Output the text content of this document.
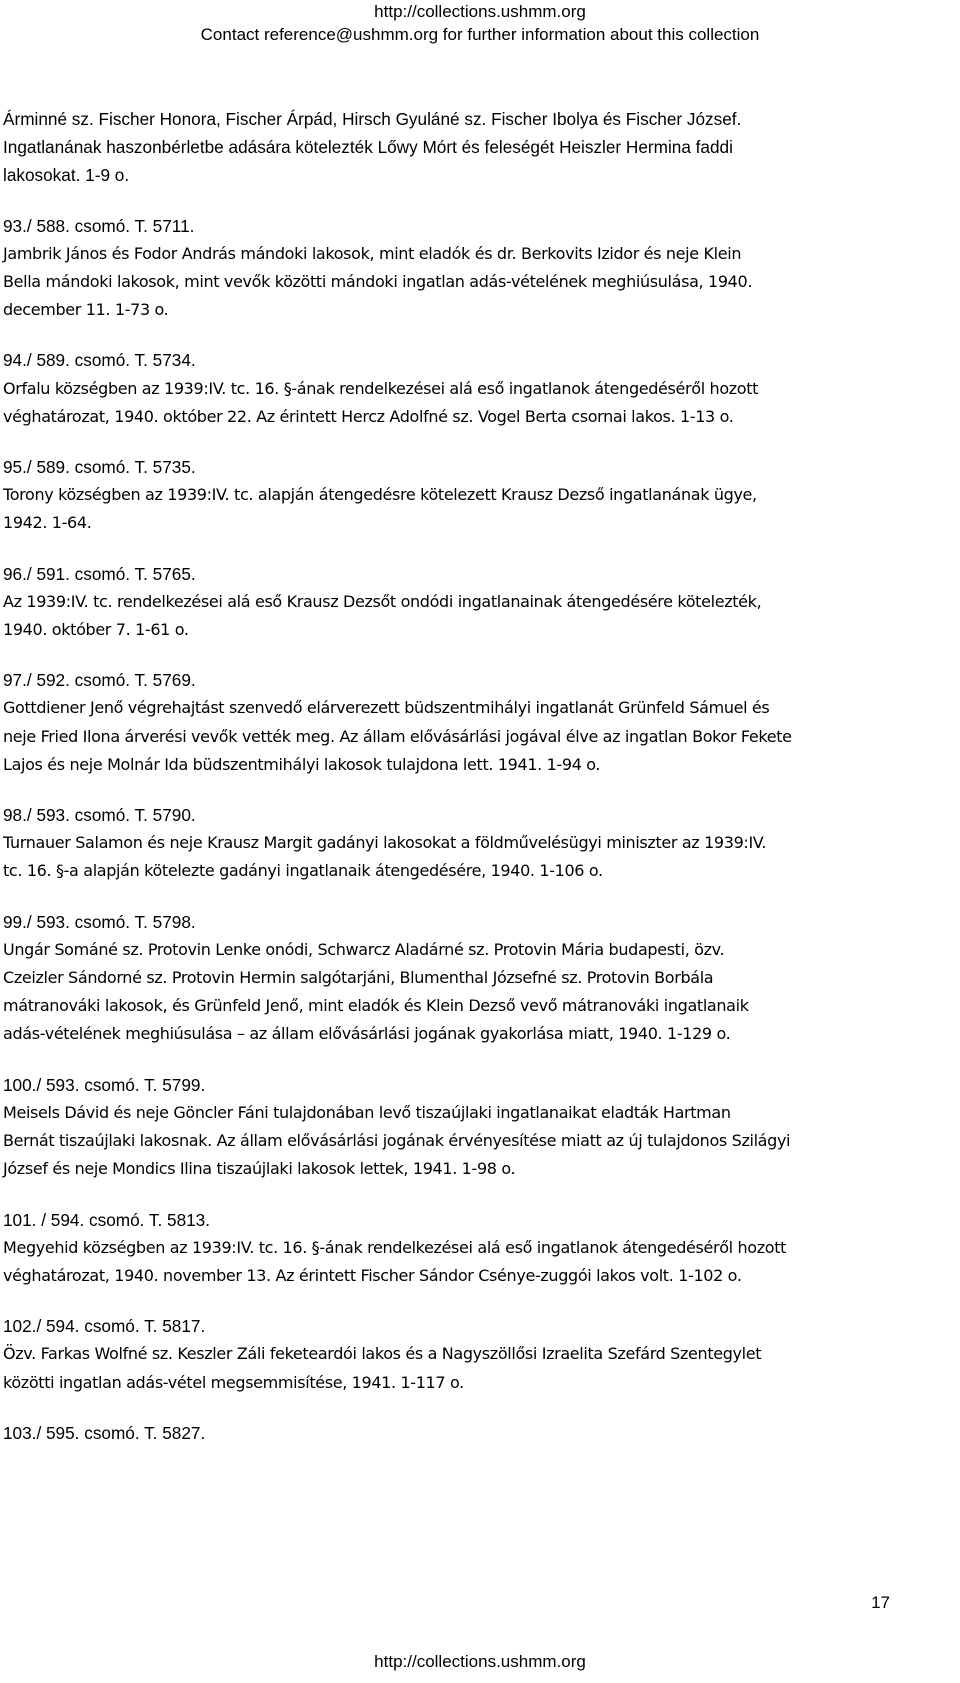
http://collections.ushmm.org
Contact reference@ushmm.org for further information about this collection
Árminné sz. Fischer Honora, Fischer Árpád, Hirsch Gyuláné sz. Fischer Ibolya és Fischer József.
Ingatlanának haszonbérletbe adására kötelezték Lőwy Mórt és feleségét Heiszler Hermina faddi
lakosokat. 1-9 o.
93./ 588. csomó. T. 5711.
Jambrik János és Fodor András mándoki lakosok, mint eladók és dr. Berkovits Izidor és neje Klein
Bella mándoki lakosok, mint vevők közötti mándoki ingatlan adás-vételének meghiúsulása, 1940.
december 11. 1-73 o.
94./ 589. csomó. T. 5734.
Orfalu községben az 1939:IV. tc. 16. §-ának rendelkezései alá eső ingatlanok átengedéséről hozott
véghatározat, 1940. október 22. Az érintett Hercz Adolfné sz. Vogel Berta csornai lakos. 1-13 o.
95./ 589. csomó. T. 5735.
Torony községben az 1939:IV. tc. alapján átengedésre kötelezett Krausz Dezső ingatlanának ügye,
1942. 1-64.
96./ 591. csomó. T. 5765.
Az 1939:IV. tc. rendelkezései alá eső Krausz Dezsőt ondódi ingatlanainak átengedésére kötelezték,
1940. október 7. 1-61 o.
97./ 592. csomó. T. 5769.
Gottdiener Jenő végrehajtást szenvedő elárverezett büdszentmihályi ingatlanát Grünfeld Sámuel és
neje Fried Ilona árverési vevők vették meg. Az állam elővásárlási jogával élve az ingatlan Bokor Fekete
Lajos és neje Molnár Ida büdszentmihályi lakosok tulajdona lett. 1941. 1-94 o.
98./ 593. csomó. T. 5790.
Turnauer Salamon és neje Krausz Margit gadányi lakosokat a földművelésügyi miniszter az 1939:IV.
tc. 16. §-a alapján kötelezte gadányi ingatlanaik átengedésére, 1940. 1-106 o.
99./ 593. csomó. T. 5798.
Ungár Sománé sz. Protovin Lenke onódi, Schwarcz Aladárné sz. Protovin Mária budapesti, özv.
Czeizler Sándorné sz. Protovin Hermin salgótarjáni, Blumenthal Józsefné sz. Protovin Borbála
mátranováki lakosok, és Grünfeld Jenő, mint eladók és Klein Dezső vevő mátranováki ingatlanaik
adás-vételének meghiúsulása – az állam elővásárlási jogának gyakorlása miatt, 1940. 1-129 o.
100./ 593. csomó. T. 5799.
Meisels Dávid és neje Göncler Fáni tulajdonában levő tiszaújlaki ingatlanaikat eladták Hartman
Bernát tiszaújlaki lakosnak. Az állam elővásárlási jogának érvényesítése miatt az új tulajdonos Szilágyi
József és neje Mondics Ilina tiszaújlaki lakosok lettek, 1941. 1-98 o.
101. / 594. csomó. T. 5813.
Megyehid községben az 1939:IV. tc. 16. §-ának rendelkezései alá eső ingatlanok átengedéséről hozott
véghatározat, 1940. november 13. Az érintett Fischer Sándor Csénye-zuggói lakos volt. 1-102 o.
102./ 594. csomó. T. 5817.
Özv. Farkas Wolfné sz. Keszler Záli feketeardói lakos és a Nagyszöllősi Izraelita Szefárd Szentegylet
közötti ingatlan adás-vétel megsemmisítése, 1941. 1-117 o.
103./ 595. csomó. T. 5827.
17
http://collections.ushmm.org
